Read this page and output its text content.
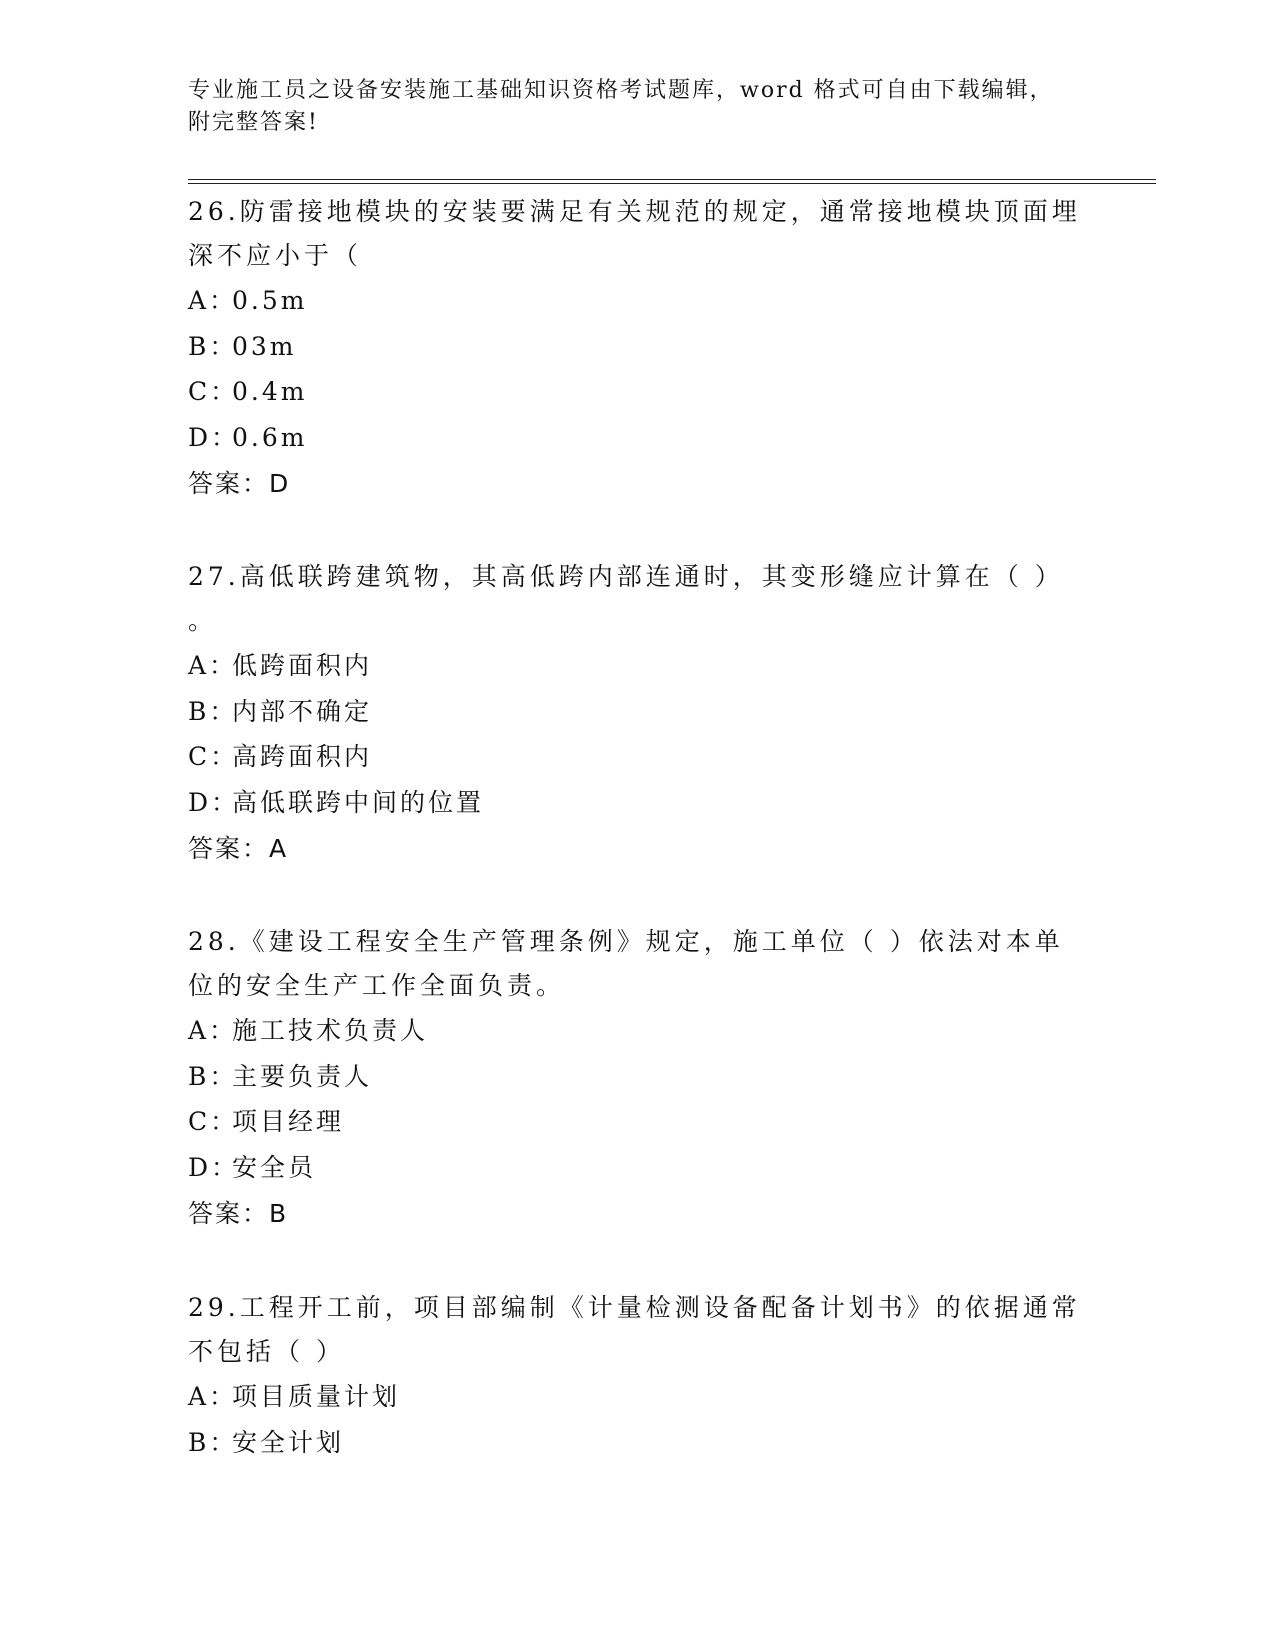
专业施工员之设备安装施工基础知识资格考试题库，word 格式可自由下载编辑，
附完整答案!

26.防雷接地模块的安装要满足有关规范的规定，通常接地模块顶面埋
深不应小于（

A：0.5m
B：03m
C：0.4m
D：0.6m
答案：D

27.高低联跨建筑物，其高低跨内部连通时，其变形缝应计算在（ ）
。

A：低跨面积内
B：内部不确定
C：高跨面积内
D：高低联跨中间的位置
答案：A

28.《建设工程安全生产管理条例》规定，施工单位（ ）依法对本单
位的安全生产工作全面负责。

A：施工技术负责人
B：主要负责人
C：项目经理
D：安全员
答案：B

29.工程开工前，项目部编制《计量检测设备配备计划书》的依据通常
不包括（ ）

A：项目质量计划
B：安全计划
